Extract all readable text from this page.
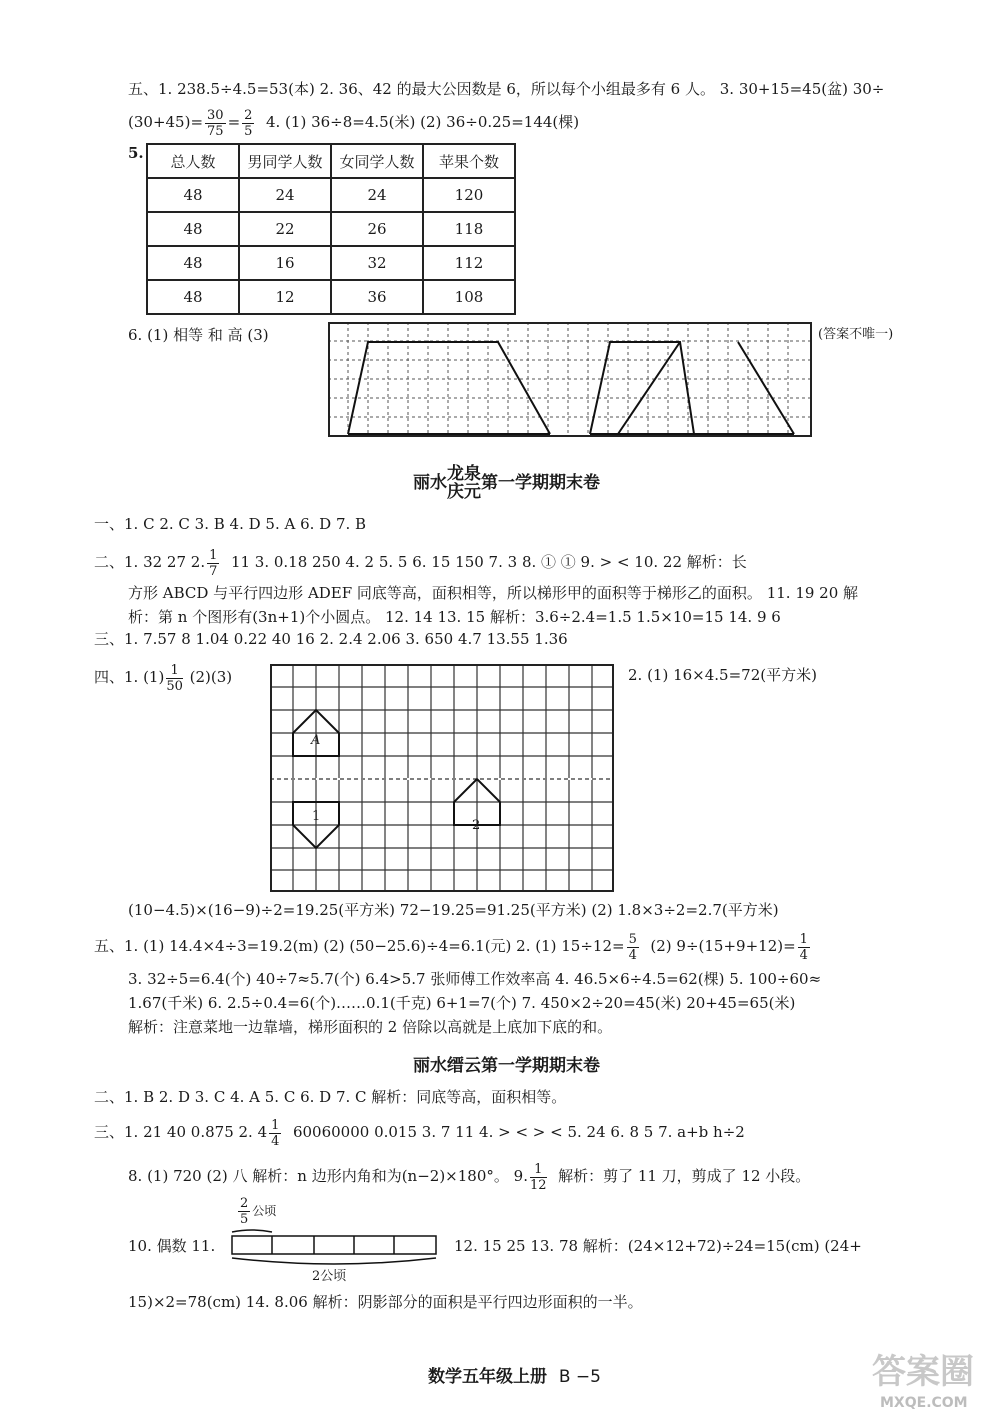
五、1. 238.5÷4.5=53(本) 2. 36、42 的最大公因数是 6，所以每个小组最多有 6 人。 3. 30+15=45(盆) 30÷
$(30+45)= \frac{30}{75} = \frac{2}{5} 4$. (1) 36÷8=4.5(米) (2) 36÷0.25=144(棵)
5. 总人数	男同学人数	女同学人数	苹果个数
48	24	24	120
48	22	26	118
48	16	32	112
48	12	36	108
6. (1) 相等 和 高 (3)	(答案不唯一)
丽水 龙泉
庆元 第一学期期末卷
一、1. C 2. C 3. B 4. D 5. A 6. D 7. B
二、1. 32 27 2. $\frac{1}{7} 11$ 3. 0.18 250 4. 2 5. 5 6. 15 150 7. 3 8. ① ① 9. > < 10. 22 解析：长
方形 ABCD 与平行四边形 ADEF 同底等高，面积相等，所以梯形甲的面积等于梯形乙的面积。 11. 19 20 解
析：第 n 个图形有(3n+1)个小圆点。 12. 14 13. 15 解析：3.6÷2.4=1.5 1.5×10=15 14. 9 6
三、1. 7.57 8 1.04 0.22 40 16 2. 2.4 2.06 3. 650 4.7 13.55 1.36
四、1. $(1) \frac{1}{50} (2)(3)$	2. (1) 16×4.5=72(平方米)
A
1
2
(10−4.5)×(16−9)÷2=19.25(平方米) 72−19.25=91.25(平方米) (2) 1.8×3÷2=2.7(平方米)
五、1. (1) 14.4×4÷3=19.2(m) (2) (50−25.6)÷4=6.1(元) 2. (1) $15\div 12= \frac{5}{4} (2)$ $9\div(15+9+12)= \frac{1}{4}$
3. 32÷5=6.4(个) 40÷7≈5.7(个) 6.4>5.7 张师傅工作效率高 4. 46.5×6÷4.5=62(棵) 5. 100÷60≈
1.67(千米) 6. 2.5÷0.4=6(个)……0.1(千克) 6+1=7(个) 7. 450×2÷20=45(米) 20+45=65(米)
解析：注意菜地一边靠墙，梯形面积的 2 倍除以高就是上底加下底的和。
丽水缙云第一学期期末卷
二、1. B 2. D 3. C 4. A 5. C 6. D 7. C 解析：同底等高，面积相等。
三、1. 21 40 0.875 2. $4 \frac{1}{4} 60060000$ 0.015 3. 7 11 4. > < > < 5. 24 6. 8 5 7. a+b h÷2
8. (1) 720 (2) 八 解析：n 边形内角和为(n−2)×180°。 9. $\frac{1}{12}$ 解析：剪了 11 刀，剪成了 12 小段。
10. 偶数 11.	12. 15 25 13. 78 解析：(24×12+72)÷24=15(cm) (24+
$\frac{2}{5}$ 公顷
2公顷
15)×2=78(cm) 14. 8.06 解析：阴影部分的面积是平行四边形面积的一半。
数学五年级上册 B −5	答案圈
MXQE.COM
